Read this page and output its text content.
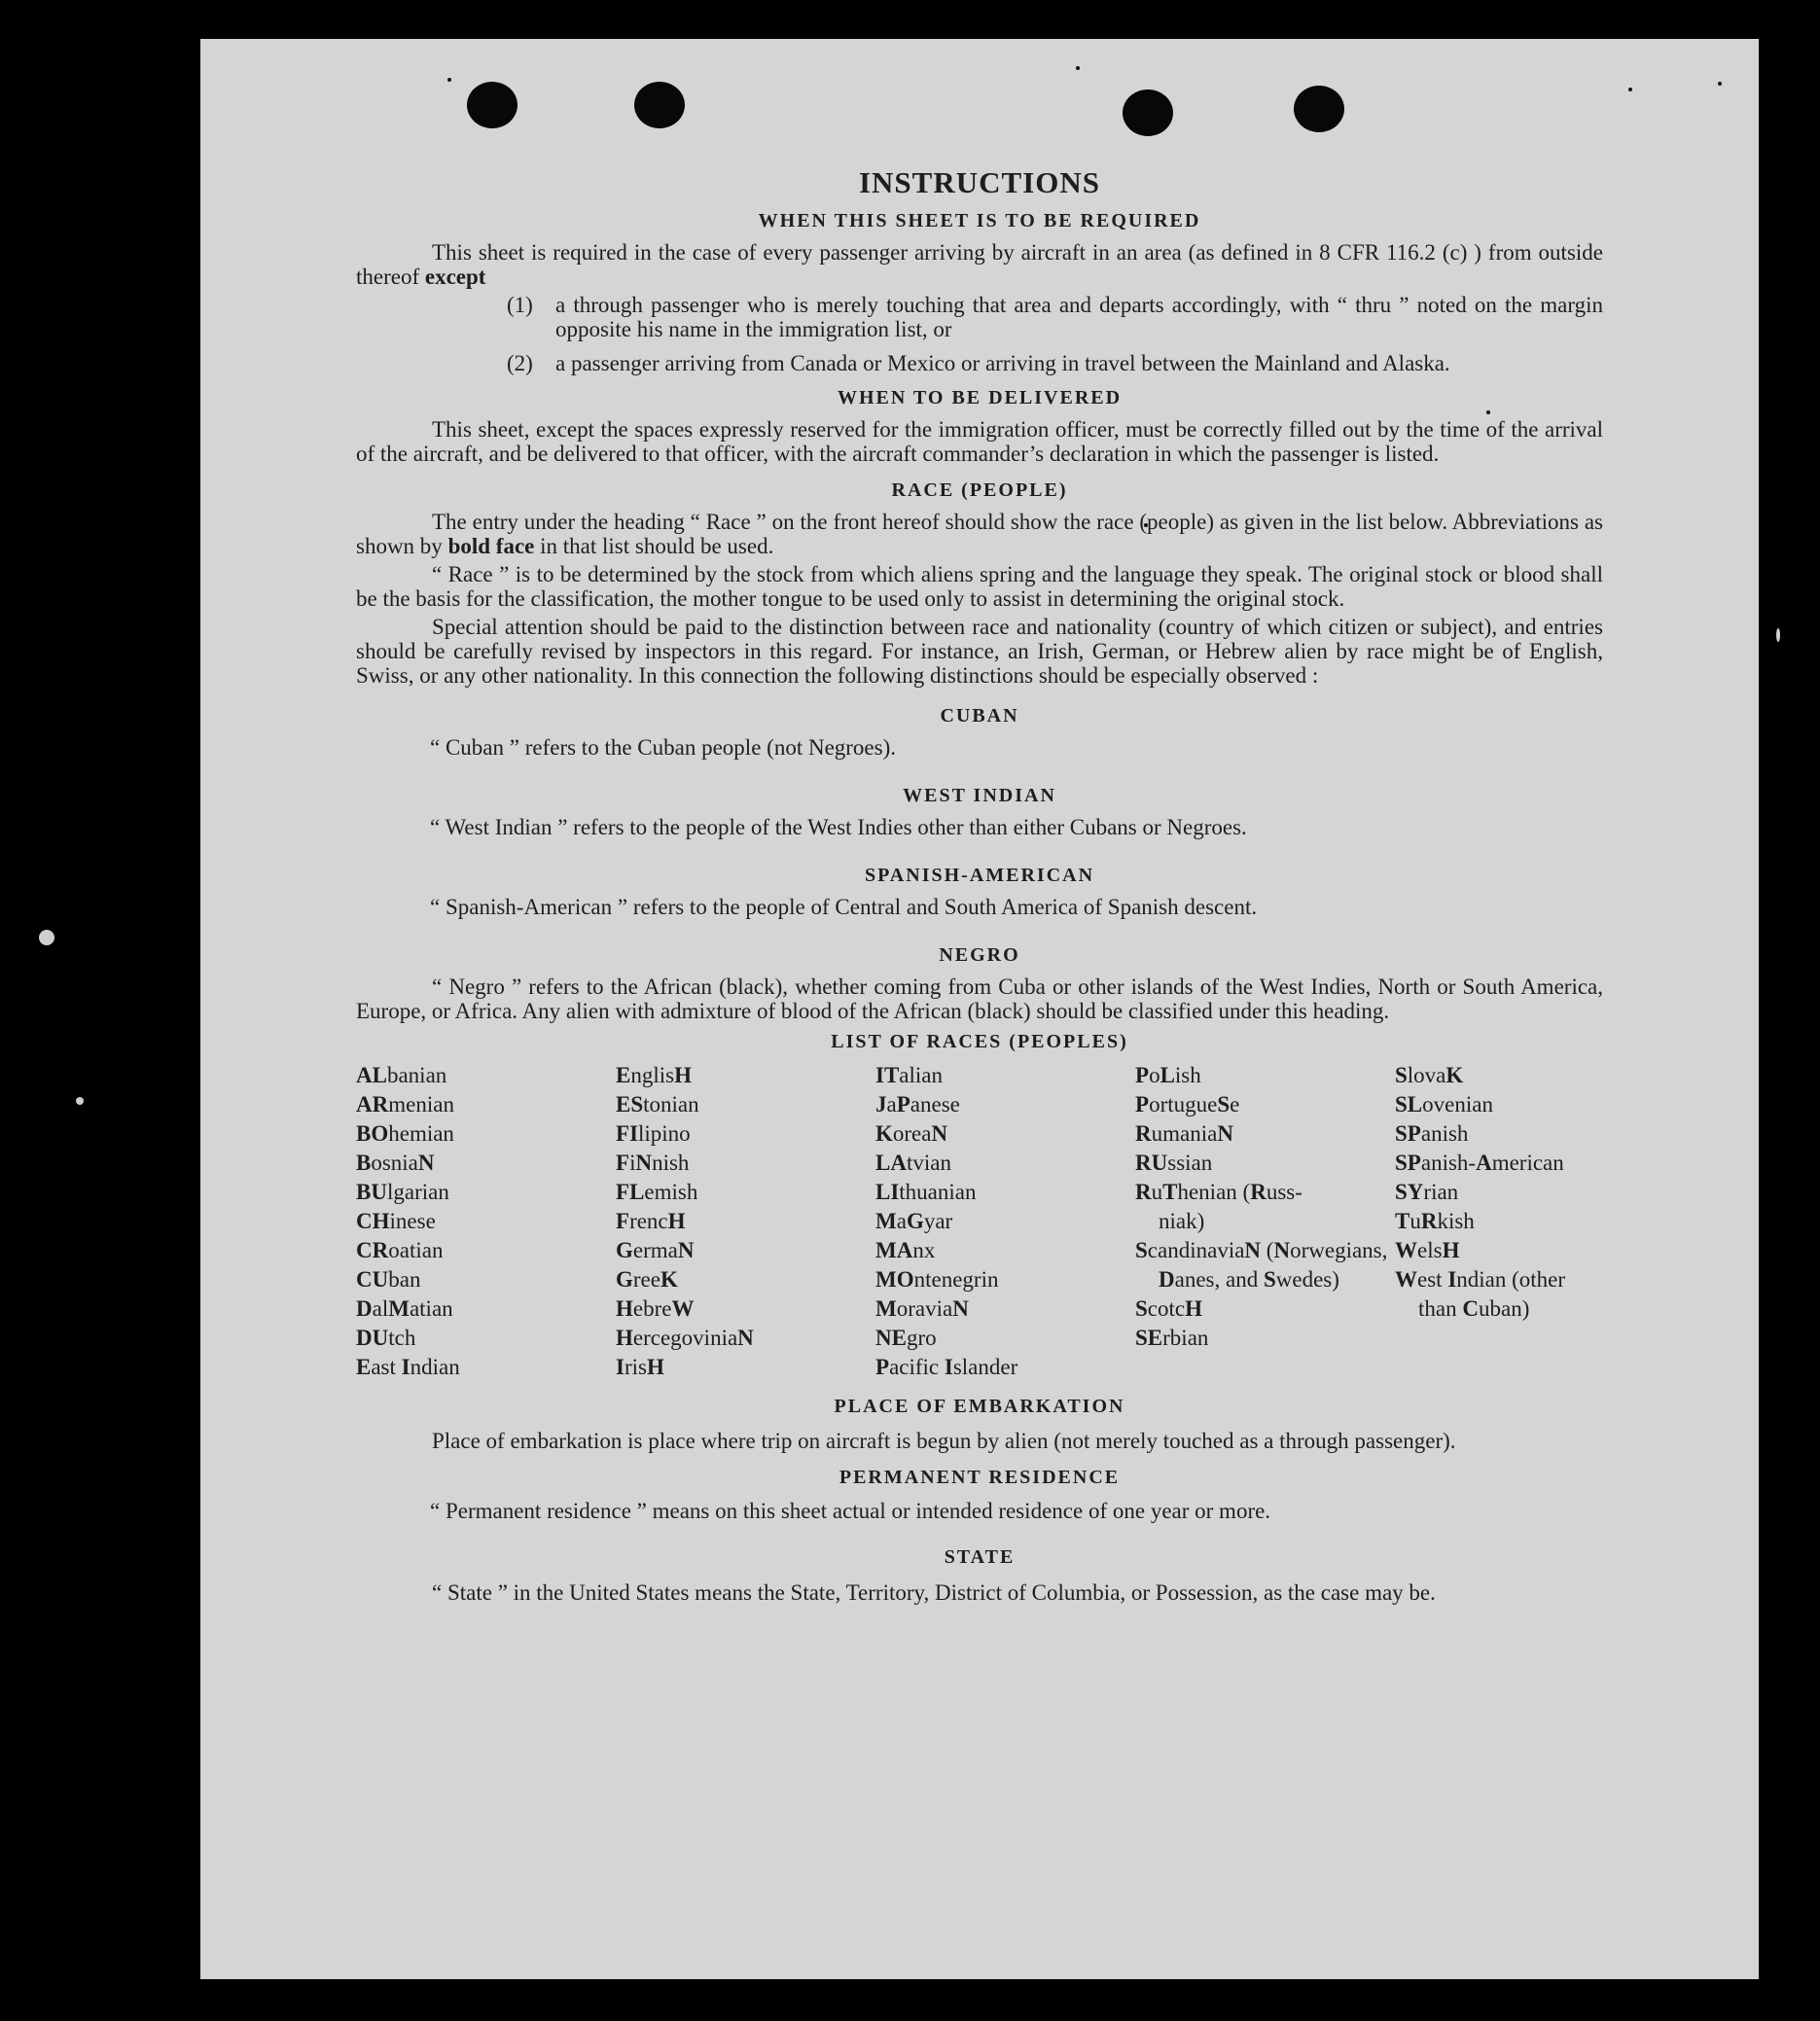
INSTRUCTIONS
WHEN THIS SHEET IS TO BE REQUIRED

This sheet is required in the case of every passenger arriving by aircraft in an area (as defined in 8 CFR 116.2 (c) ) from outside thereof except

(1)	a through passenger who is merely touching that area and departs accordingly, with “ thru ” noted on the margin opposite his name in the immigration list, or
(2)	a passenger arriving from Canada or Mexico or arriving in travel between the Mainland and Alaska.
WHEN TO BE DELIVERED

This sheet, except the spaces expressly reserved for the immigration officer, must be correctly filled out by the time of the arrival of the aircraft, and be delivered to that officer, with the aircraft commander’s declaration in which the passenger is listed.

RACE (PEOPLE)

The entry under the heading “ Race ” on the front hereof should show the race (people) as given in the list below. Abbreviations as shown by bold face in that list should be used.

“ Race ” is to be determined by the stock from which aliens spring and the language they speak. The original stock or blood shall be the basis for the classification, the mother tongue to be used only to assist in determining the original stock.

Special attention should be paid to the distinction between race and nationality (country of which citizen or subject), and entries should be carefully revised by inspectors in this regard. For instance, an Irish, German, or Hebrew alien by race might be of English, Swiss, or any other nationality. In this connection the following distinctions should be especially observed :

CUBAN

“ Cuban ” refers to the Cuban people (not Negroes).

WEST INDIAN

“ West Indian ” refers to the people of the West Indies other than either Cubans or Negroes.

SPANISH-AMERICAN

“ Spanish-American ” refers to the people of Central and South America of Spanish descent.

NEGRO

“ Negro ” refers to the African (black), whether coming from Cuba or other islands of the West Indies, North or South America, Europe, or Africa. Any alien with admixture of blood of the African (black) should be classified under this heading.

LIST OF RACES (PEOPLES)
ALbanian
ARmenian
BOhemian
BosniaN
BUlgarian
CHinese
CRoatian
CUban
DalMatian
DUtch
East Indian
EnglisH
EStonian
FIlipino
FiNnish
FLemish
FrencH
GermaN
GreeK
HebreW
HercegoviniaN
IrisH
ITalian
JaPanese
KoreaN
LAtvian
LIthuanian
MaGyar
MAnx
MOntenegrin
MoraviaN
NEgro
Pacific Islander
PoLish
PortugueSe
RumaniaN
RUssian
RuThenian (Russ-
niak)
ScandinaviaN (Norwegians, Danes, and Swedes)
ScotcH
SErbian
SlovaK
SLovenian
SPanish
SPanish-American
SYrian
TuRkish
WelsH
West Indian (other than Cuban)
PLACE OF EMBARKATION

Place of embarkation is place where trip on aircraft is begun by alien (not merely touched as a through passenger).

PERMANENT RESIDENCE

“ Permanent residence ” means on this sheet actual or intended residence of one year or more.

STATE

“ State ” in the United States means the State, Territory, District of Columbia, or Possession, as the case may be.
